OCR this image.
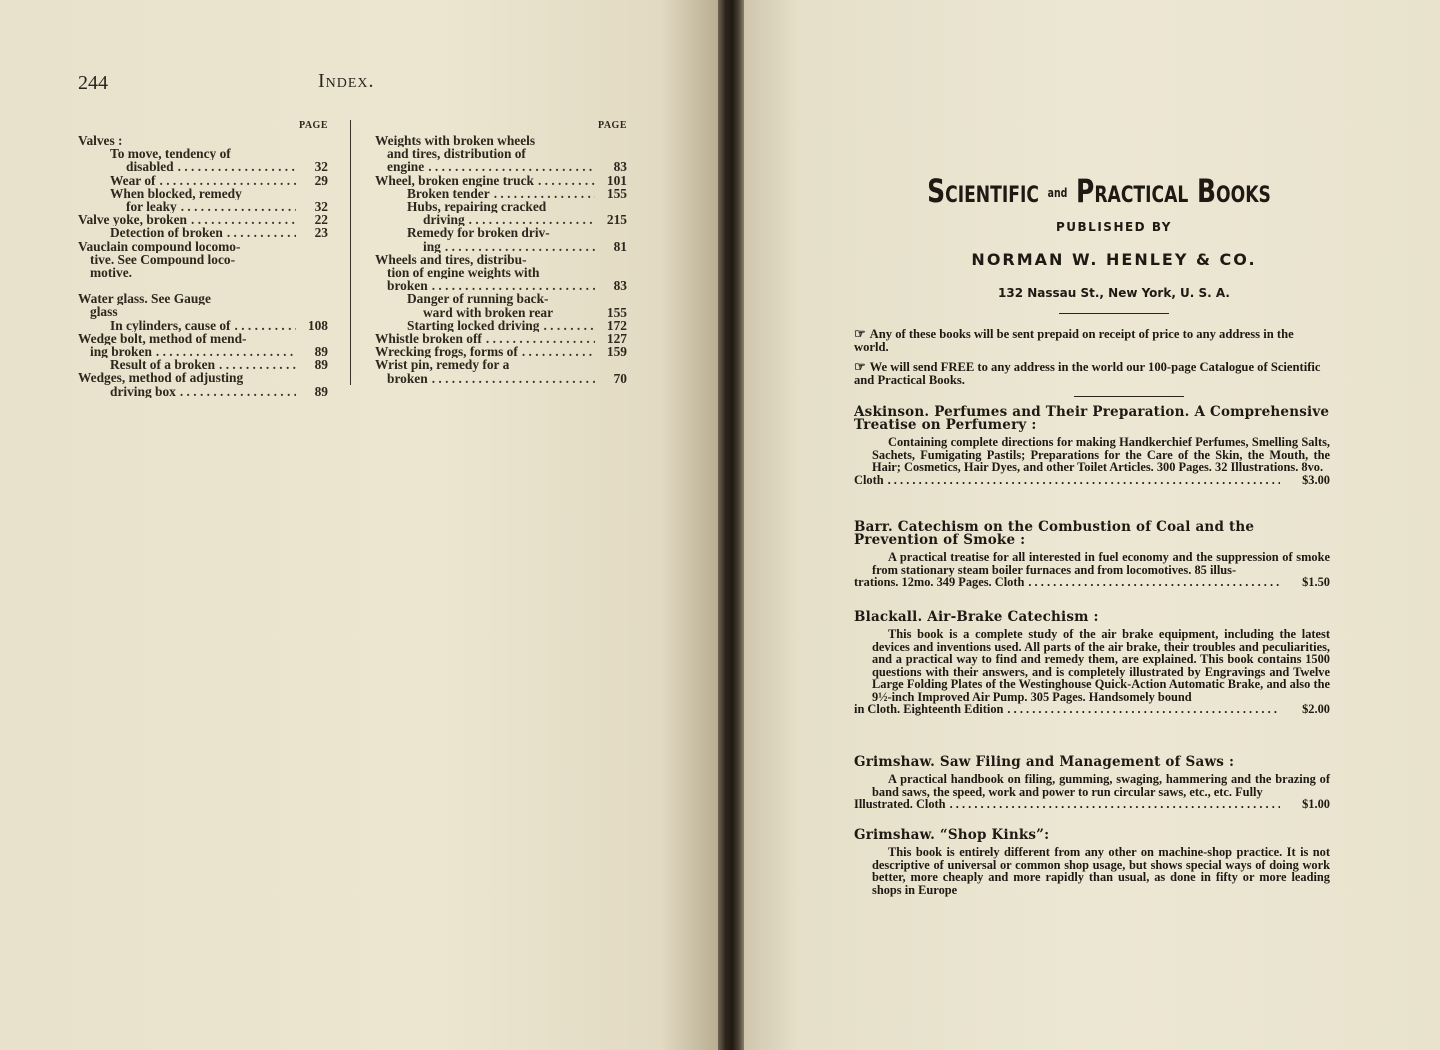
244	Index.
PAGE
Valves :
To move, tendency of
disabled . . .	32
Wear of . . .	29
When blocked, remedy
for leaky . . .	32
Valve yoke, broken . . .	22
Detection of broken . . .	23
Vauclain compound locomo-
tive. See Compound loco-
motive.
Water glass. See Gauge
glass
In cylinders, cause of . . .	108
Wedge bolt, method of mend-
ing broken . . .	89
Result of a broken . . .	89
Wedges, method of adjusting
driving box . . .	89
PAGE
Weights with broken wheels
and tires, distribution of
engine . . .	83
Wheel, broken engine truck . . .	101
Broken tender . . .	155
Hubs, repairing cracked
driving . . .	215
Remedy for broken driv-
ing . . .	81
Wheels and tires, distribu-
tion of engine weights with
broken . . .	83
Danger of running back-
ward with broken rear	155
Starting locked driving . . .	172
Whistle broken off . . .	127
Wrecking frogs, forms of . . .	159
Wrist pin, remedy for a
broken . . .	70
Scientific and Practical Books
PUBLISHED BY
NORMAN W. HENLEY & CO.
132 Nassau St., New York, U. S. A.
☞ Any of these books will be sent prepaid on receipt of price to any address in the world.
☞ We will send FREE to any address in the world our 100-page Catalogue of Scientific and Practical Books.
Askinson. Perfumes and Their Preparation. A Comprehensive Treatise on Perfumery :
Containing complete directions for making Handkerchief Perfumes, Smelling Salts, Sachets, Fumigating Pastils; Preparations for the Care of the Skin, the Mouth, the Hair; Cosmetics, Hair Dyes, and other Toilet Articles. 300 Pages. 32 Illustrations. 8vo.
Cloth . . .	$3.00
Barr. Catechism on the Combustion of Coal and the Prevention of Smoke :
A practical treatise for all interested in fuel economy and the suppression of smoke from stationary steam boiler furnaces and from locomotives. 85 illus-
trations. 12mo. 349 Pages. Cloth . . .	$1.50
Blackall. Air-Brake Catechism :
This book is a complete study of the air brake equipment, including the latest devices and inventions used. All parts of the air brake, their troubles and peculiarities, and a practical way to find and remedy them, are explained. This book contains 1500 questions with their answers, and is completely illustrated by Engravings and Twelve Large Folding Plates of the Westinghouse Quick-Action Automatic Brake, and also the 9½-inch Improved Air Pump. 305 Pages. Handsomely bound
in Cloth. Eighteenth Edition . . .	$2.00
Grimshaw. Saw Filing and Management of Saws :
A practical handbook on filing, gumming, swaging, hammering and the brazing of band saws, the speed, work and power to run circular saws, etc., etc. Fully
Illustrated. Cloth . . .	$1.00
Grimshaw. “Shop Kinks”:
This book is entirely different from any other on machine-shop practice. It is not descriptive of universal or common shop usage, but shows special ways of doing work better, more cheaply and more rapidly than usual, as done in fifty or more leading shops in Europe
